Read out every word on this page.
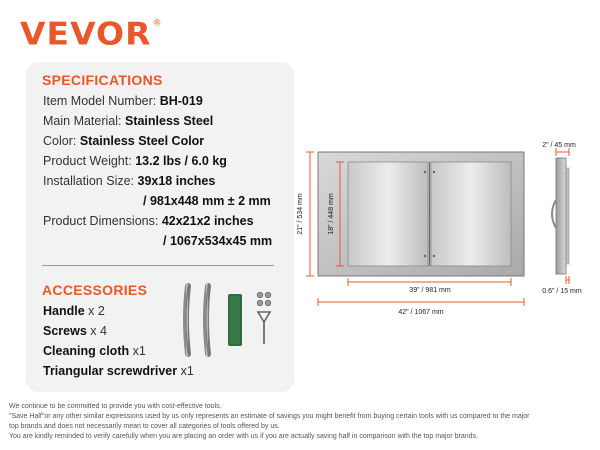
VEVOR®
SPECIFICATIONS
Item Model Number: BH-019
Main Material: Stainless Steel
Color: Stainless Steel Color
Product Weight: 13.2 lbs / 6.0 kg
Installation Size: 39x18 inches
/ 981x448 mm ± 2 mm
Product Dimensions: 42x21x2 inches
/ 1067x534x45 mm
ACCESSORIES
Handle x 2
Screws x 4
Cleaning cloth x1
Triangular screwdriver x1
21" / 534 mm	18" / 448 mm
39" / 981 mm
42" / 1067 mm
2" / 45 mm
0.6" / 15 mm
We continue to be committed to provide you with cost-effective tools.
"Save Half"or any other similar expressions used by us only represents an estimate of savings you might benefit from buying certain tools with us compared to the major
top brands and does not necessarily mean to cover all categories of tools offered by us.
You are kindly reminded to verify carefully when you are placing an order with us if you are actually saving half in comparison with the top major brands.
